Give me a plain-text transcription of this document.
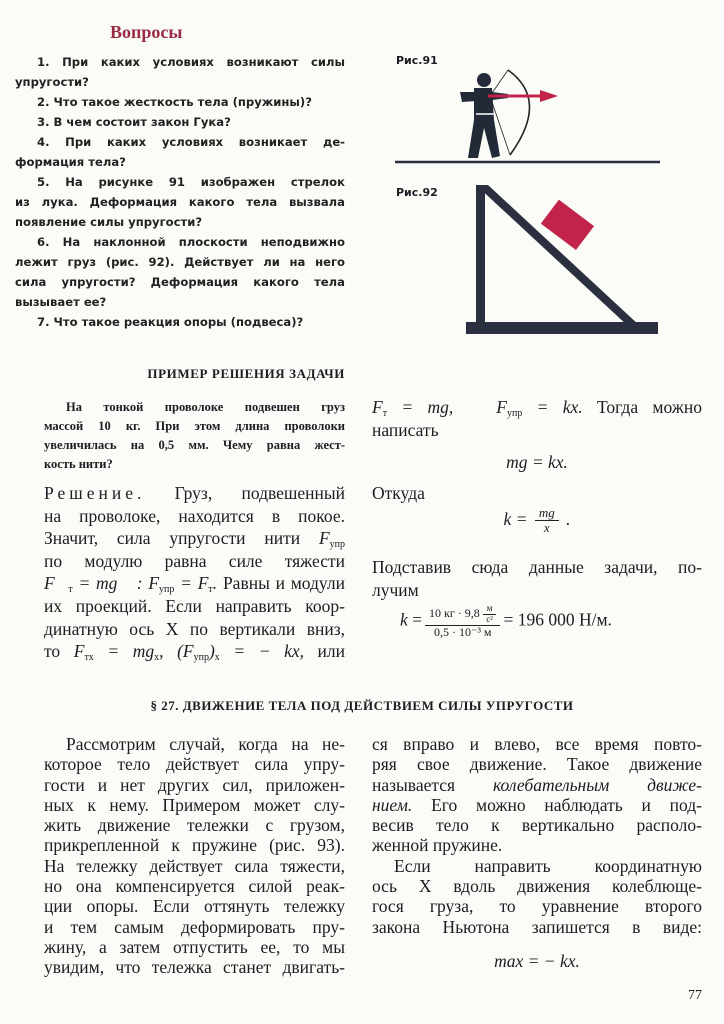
Вопросы
1. При каких условиях возникают силы
упругости?
2. Что такое жесткость тела (пружины)?
3. В чем состоит закон Гука?
4. При каких условиях возникает де-
формация тела?
5. На рисунке 91 изображен стрелок
из лука. Деформация какого тела вызвала
появление силы упругости?
6. На наклонной плоскости неподвижно
лежит груз (рис. 92). Действует ли на него
сила упругости? Деформация какого тела
вызывает ее?
7. Что такое реакция опоры (подвеса)?
Рис.91
Рис.92
ПРИМЕР РЕШЕНИЯ ЗАДАЧИ
На тонкой проволоке подвешен груз
массой 10 кг. При этом длина проволоки
увеличилась на 0,5 мм. Чему равна жест-
кость нити?
Решение. Груз, подвешенный
на проволоке, находится в покое.
Значит, сила упругости нити $F_{упр}$
по модулю равна силе тяжести
$F⃗_т$ = mg⃗ : $F_{упр} = F_т$. Равны и модули
их проекций. Если направить коор-
динатную ось X по вертикали вниз,
то $F_{тx} = mg_x$, $(F_{упр})_x$ = − kx, или
$F_т$ = mg,   $F_{упр}$ = kx. Тогда можно
написать
mg = kx.
Откуда
$k = \frac{mg}{x}$ .
Подставив сюда данные задачи, по-
лучим
$k = \frac{10 кг \cdot 9,8 \frac{м}{\text{с²}}}{\text{0,5 · 10⁻³ м}} = 196$ 000 Н/м.
§ 27. ДВИЖЕНИЕ ТЕЛА ПОД ДЕЙСТВИЕМ СИЛЫ УПРУГОСТИ
Рассмотрим случай, когда на не-
которое тело действует сила упру-
гости и нет других сил, приложен-
ных к нему. Примером может слу-
жить движение тележки с грузом,
прикрепленной к пружине (рис. 93).
На тележку действует сила тяжести,
но она компенсируется силой реак-
ции опоры. Если оттянуть тележку
и тем самым деформировать пру-
жину, а затем отпустить ее, то мы
увидим, что тележка станет двигать-
ся вправо и влево, все время повто-
ряя свое движение. Такое движение
называется колебательным движе-
нием. Его можно наблюдать и под-
весив тело к вертикально располо-
женной пружине.
Если направить координатную
ось X вдоль движения колеблюще-
гося груза, то уравнение второго
закона Ньютона запишется в виде:
max = − kx.
77
